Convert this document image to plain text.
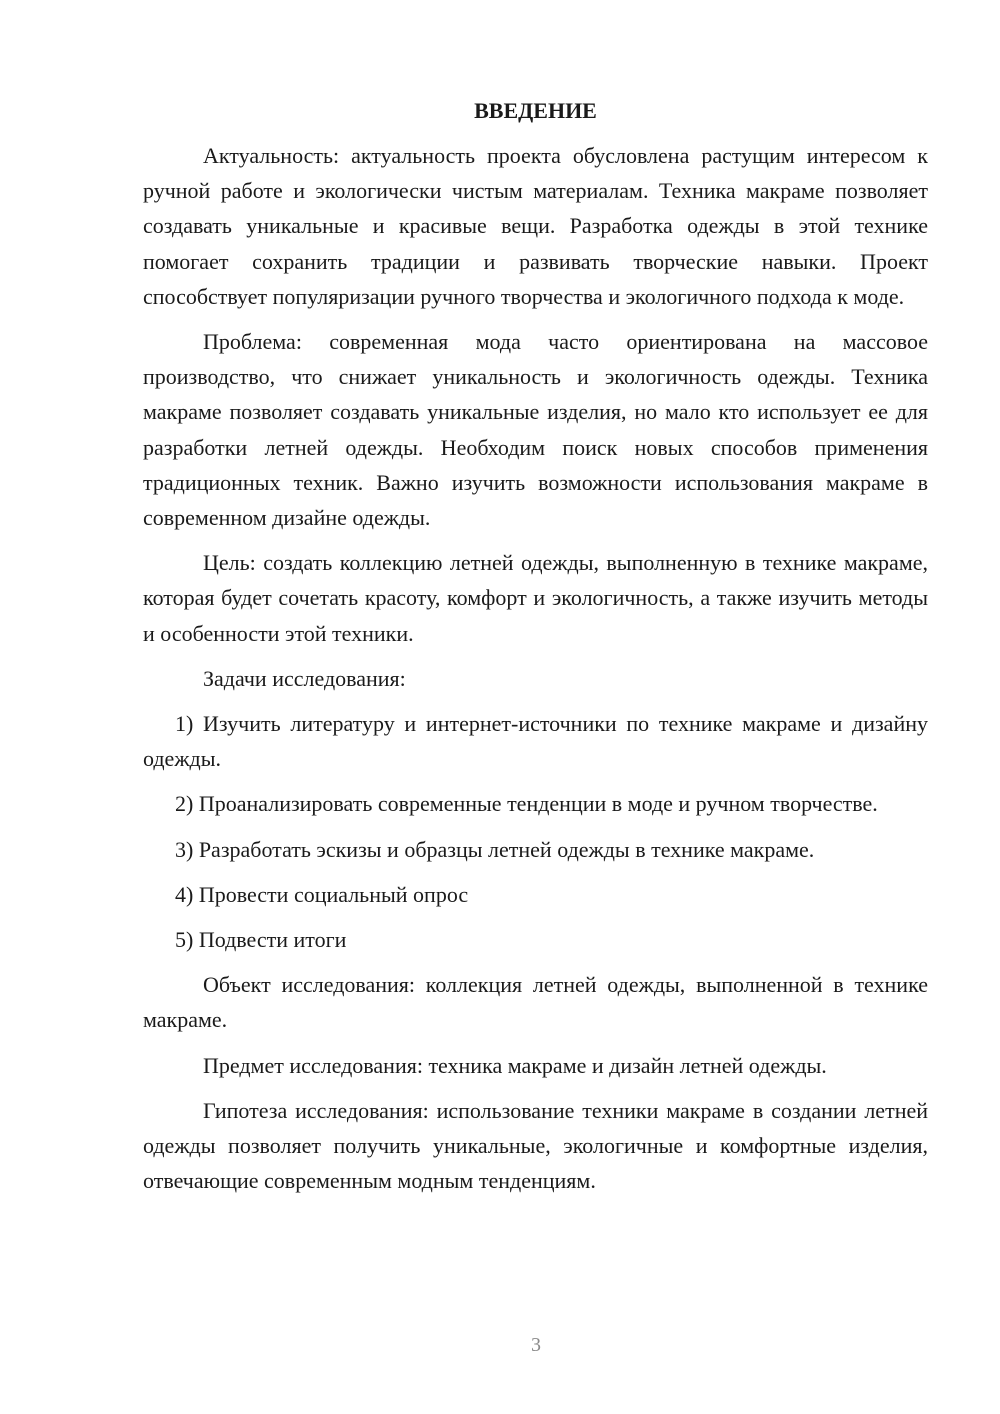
ВВЕДЕНИЕ

Актуальность: актуальность проекта обусловлена растущим интересом к ручной работе и экологически чистым материалам. Техника макраме позволяет создавать уникальные и красивые вещи. Разработка одежды в этой технике помогает сохранить традиции и развивать творческие навыки. Проект способствует популяризации ручного творчества и экологичного подхода к моде.

Проблема: современная мода часто ориентирована на массовое производство, что снижает уникальность и экологичность одежды. Техника макраме позволяет создавать уникальные изделия, но мало кто использует ее для разработки летней одежды. Необходим поиск новых способов применения традиционных техник. Важно изучить возможности использования макраме в современном дизайне одежды.

Цель: создать коллекцию летней одежды, выполненную в технике макраме, которая будет сочетать красоту, комфорт и экологичность, а также изучить методы и особенности этой техники.

Задачи исследования:

1) Изучить литературу и интернет-источники по технике макраме и дизайну одежды.

2) Проанализировать современные тенденции в моде и ручном творчестве.

3) Разработать эскизы и образцы летней одежды в технике макраме.

4) Провести социальный опрос

5) Подвести итоги

Объект исследования: коллекция летней одежды, выполненной в технике макраме.

Предмет исследования: техника макраме и дизайн летней одежды.

Гипотеза исследования: использование техники макраме в создании летней одежды позволяет получить уникальные, экологичные и комфортные изделия, отвечающие современным модным тенденциям.

3
